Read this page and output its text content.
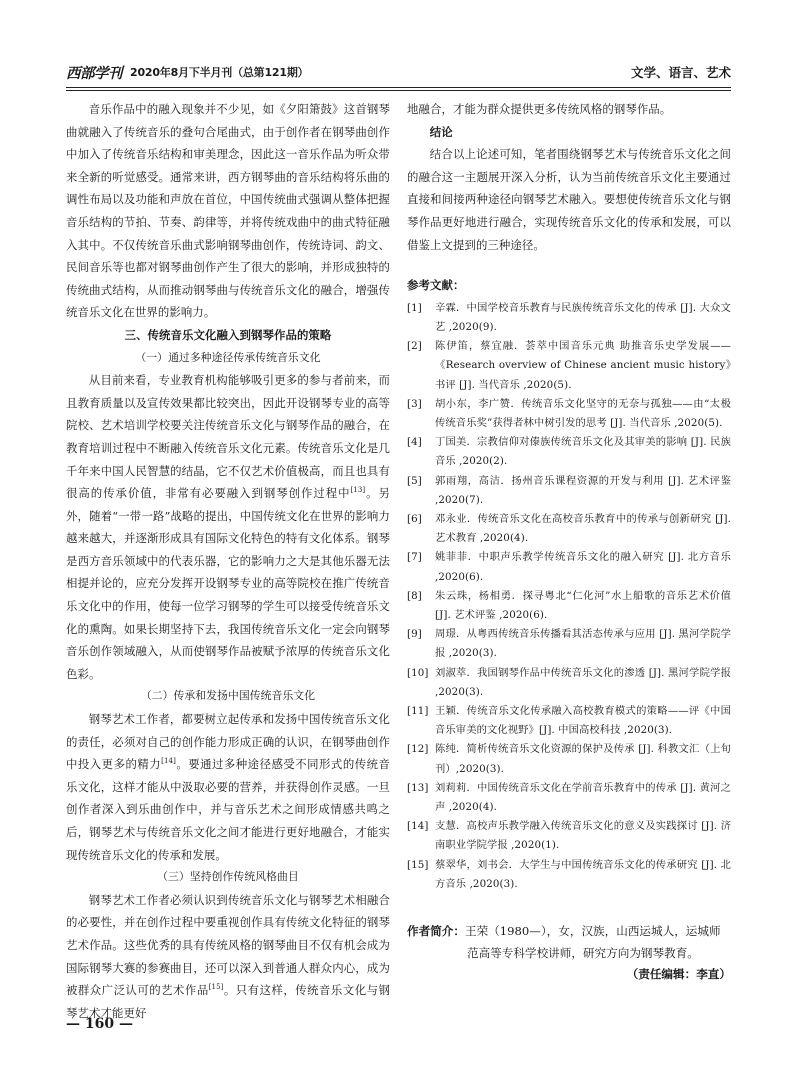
西部学刊 2020年8月下半月刊（总第121期）	文学、语言、艺术

音乐作品中的融入现象并不少见，如《夕阳箫鼓》这首钢琴曲就融入了传统音乐的叠句合尾曲式，由于创作者在钢琴曲创作中加入了传统音乐结构和审美理念，因此这一音乐作品为听众带来全新的听觉感受。通常来讲，西方钢琴曲的音乐结构将乐曲的调性布局以及功能和声放在首位，中国传统曲式强调从整体把握音乐结构的节拍、节奏、韵律等，并将传统戏曲中的曲式特征融入其中。不仅传统音乐曲式影响钢琴曲创作，传统诗词、韵文、民间音乐等也都对钢琴曲创作产生了很大的影响，并形成独特的传统曲式结构，从而推动钢琴曲与传统音乐文化的融合，增强传统音乐文化在世界的影响力。

三、传统音乐文化融入到钢琴作品的策略

（一）通过多种途径传承传统音乐文化

从目前来看，专业教育机构能够吸引更多的参与者前来，而且教育质量以及宣传效果都比较突出，因此开设钢琴专业的高等院校、艺术培训学校要关注传统音乐文化与钢琴作品的融合，在教育培训过程中不断融入传统音乐文化元素。传统音乐文化是几千年来中国人民智慧的结晶，它不仅艺术价值极高，而且也具有很高的传承价值，非常有必要融入到钢琴创作过程中[13]。另外，随着“一带一路”战略的提出，中国传统文化在世界的影响力越来越大，并逐渐形成具有国际文化特色的特有文化体系。钢琴是西方音乐领域中的代表乐器，它的影响力之大是其他乐器无法相提并论的，应充分发挥开设钢琴专业的高等院校在推广传统音乐文化中的作用，使每一位学习钢琴的学生可以接受传统音乐文化的熏陶。如果长期坚持下去，我国传统音乐文化一定会向钢琴音乐创作领域融入，从而使钢琴作品被赋予浓厚的传统音乐文化色彩。

（二）传承和发扬中国传统音乐文化

钢琴艺术工作者，都要树立起传承和发扬中国传统音乐文化的责任，必须对自己的创作能力形成正确的认识，在钢琴曲创作中投入更多的精力[14]。要通过多种途径感受不同形式的传统音乐文化，这样才能从中汲取必要的营养，并获得创作灵感。一旦创作者深入到乐曲创作中，并与音乐艺术之间形成情感共鸣之后，钢琴艺术与传统音乐文化之间才能进行更好地融合，才能实现传统音乐文化的传承和发展。

（三）坚持创作传统风格曲目

钢琴艺术工作者必须认识到传统音乐文化与钢琴艺术相融合的必要性，并在创作过程中要重视创作具有传统文化特征的钢琴艺术作品。这些优秀的具有传统风格的钢琴曲目不仅有机会成为国际钢琴大赛的参赛曲目，还可以深入到普通人群众内心，成为被群众广泛认可的艺术作品[15]。只有这样，传统音乐文化与钢琴艺术才能更好

地融合，才能为群众提供更多传统风格的钢琴作品。

结论

结合以上论述可知，笔者围绕钢琴艺术与传统音乐文化之间的融合这一主题展开深入分析，认为当前传统音乐文化主要通过直接和间接两种途径向钢琴艺术融入。要想使传统音乐文化与钢琴作品更好地进行融合，实现传统音乐文化的传承和发展，可以借鉴上文提到的三种途径。

参考文献：

[1] 辛霖．中国学校音乐教育与民族传统音乐文化的传承 [J]. 大众文艺 ,2020(9).
[2] 陈伊笛，蔡宜融．荟萃中国音乐元典 助推音乐史学发展——《Research overview of Chinese ancient music history》书评 [J]. 当代音乐 ,2020(5).
[3] 胡小东，李广赞．传统音乐文化坚守的无奈与孤独——由“太极传统音乐奖”获得者林中树引发的思考 [J]. 当代音乐 ,2020(5).
[4] 丁国美．宗教信仰对傣族传统音乐文化及其审美的影响 [J]. 民族音乐 ,2020(2).
[5] 郭雨翔，高洁．扬州音乐课程资源的开发与利用 [J]. 艺术评鉴 ,2020(7).
[6] 邓永业．传统音乐文化在高校音乐教育中的传承与创新研究 [J]. 艺术教育 ,2020(4).
[7] 姚菲菲．中职声乐教学传统音乐文化的融入研究 [J]. 北方音乐 ,2020(6).
[8] 朱云珠，杨相勇．探寻粤北“仁化河”水上船歌的音乐艺术价值 [J]. 艺术评鉴 ,2020(6).
[9] 周璟．从粤西传统音乐传播看其活态传承与应用 [J]. 黑河学院学报 ,2020(3).
[10] 刘淑萃．我国钢琴作品中传统音乐文化的渗透 [J]. 黑河学院学报 ,2020(3).
[11] 王颖．传统音乐文化传承融入高校教育模式的策略——评《中国音乐审美的文化视野》[J]. 中国高校科技 ,2020(3).
[12] 陈纯．简析传统音乐文化资源的保护及传承 [J]. 科教文汇（上旬刊）,2020(3).
[13] 刘莉莉．中国传统音乐文化在学前音乐教育中的传承 [J]. 黄河之声 ,2020(4).
[14] 支慧．高校声乐教学融入传统音乐文化的意义及实践探讨 [J]. 济南职业学院学报 ,2020(1).
[15] 蔡翠华，刘书会．大学生与中国传统音乐文化的传承研究 [J]. 北方音乐 ,2020(3).
作者简介：王荣（1980—），女，汉族，山西运城人，运城师
范高等专科学校讲师，研究方向为钢琴教育。
（责任编辑：李直）
— 160 —
